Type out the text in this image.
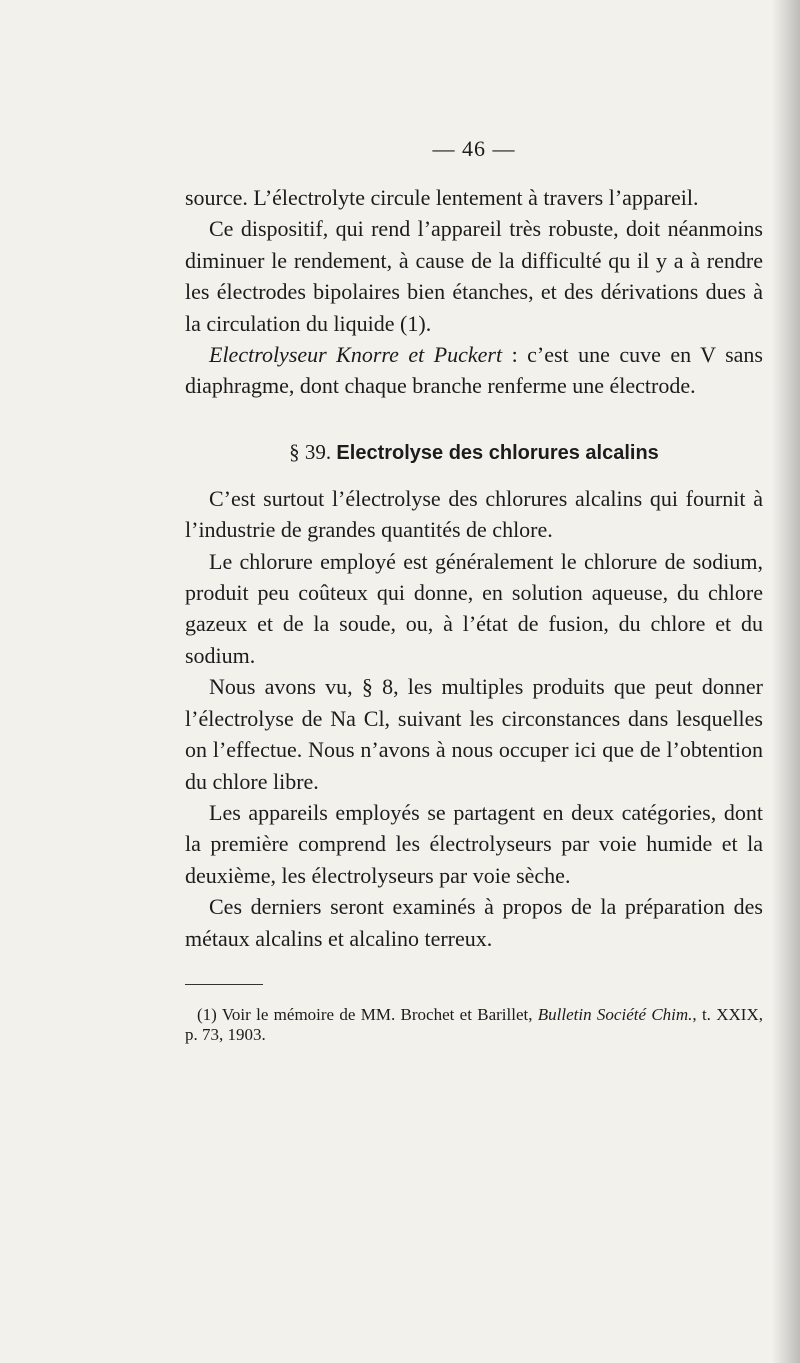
— 46 —

source. L’électrolyte circule lentement à travers l’appareil.

Ce dispositif, qui rend l’appareil très robuste, doit néanmoins diminuer le rendement, à cause de la difficulté qu il y a à rendre les électrodes bipolaires bien étanches, et des dérivations dues à la circulation du liquide (1).

Electrolyseur Knorre et Puckert : c’est une cuve en V sans diaphragme, dont chaque branche renferme une électrode.

§ 39. Electrolyse des chlorures alcalins

C’est surtout l’électrolyse des chlorures alcalins qui fournit à l’industrie de grandes quantités de chlore.

Le chlorure employé est généralement le chlorure de sodium, produit peu coûteux qui donne, en solution aqueuse, du chlore gazeux et de la soude, ou, à l’état de fusion, du chlore et du sodium.

Nous avons vu, § 8, les multiples produits que peut donner l’électrolyse de Na Cl, suivant les circonstances dans lesquelles on l’effectue. Nous n’avons à nous occuper ici que de l’obtention du chlore libre.

Les appareils employés se partagent en deux catégories, dont la première comprend les électrolyseurs par voie humide et la deuxième, les électrolyseurs par voie sèche.

Ces derniers seront examinés à propos de la préparation des métaux alcalins et alcalino terreux.

(1) Voir le mémoire de MM. Brochet et Barillet, Bulletin Société Chim., t. XXIX, p. 73, 1903.
